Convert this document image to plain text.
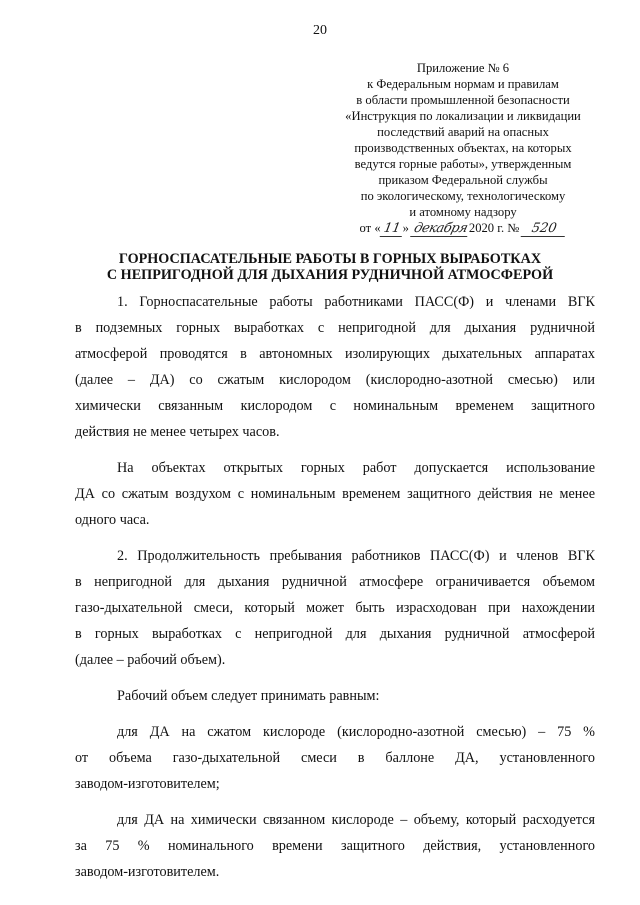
20
Приложение № 6
к Федеральным нормам и правилам
в области промышленной безопасности
«Инструкция по локализации и ликвидации
последствий аварий на опасных
производственных объектах, на которых
ведутся горные работы», утвержденным
приказом Федеральной службы
по экологическому, технологическому
и атомному надзору
от « 11» декабря2020 г. № 520
ГОРНОСПАСАТЕЛЬНЫЕ РАБОТЫ В ГОРНЫХ ВЫРАБОТКАХ
С НЕПРИГОДНОЙ ДЛЯ ДЫХАНИЯ РУДНИЧНОЙ АТМОСФЕРОЙ
1. Горноспасательные работы работниками ПАСС(Ф) и членами ВГК
в подземных горных выработках с непригодной для дыхания рудничной
атмосферой проводятся в автономных изолирующих дыхательных аппаратах
(далее – ДА) со сжатым кислородом (кислородно-азотной смесью) или
химически связанным кислородом с номинальным временем защитного
действия не менее четырех часов.
На объектах открытых горных работ допускается использование
ДА со сжатым воздухом с номинальным временем защитного действия не менее
одного часа.
2. Продолжительность пребывания работников ПАСС(Ф) и членов ВГК
в непригодной для дыхания рудничной атмосфере ограничивается объемом
газо-дыхательной смеси, который может быть израсходован при нахождении
в горных выработках с непригодной для дыхания рудничной атмосферой
(далее – рабочий объем).
Рабочий объем следует принимать равным:
для ДА на сжатом кислороде (кислородно-азотной смесью) – 75 %
от объема газо-дыхательной смеси в баллоне ДА, установленного
заводом-изготовителем;
для ДА на химически связанном кислороде – объему, который расходуется
за 75 % номинального времени защитного действия, установленного
заводом-изготовителем.
